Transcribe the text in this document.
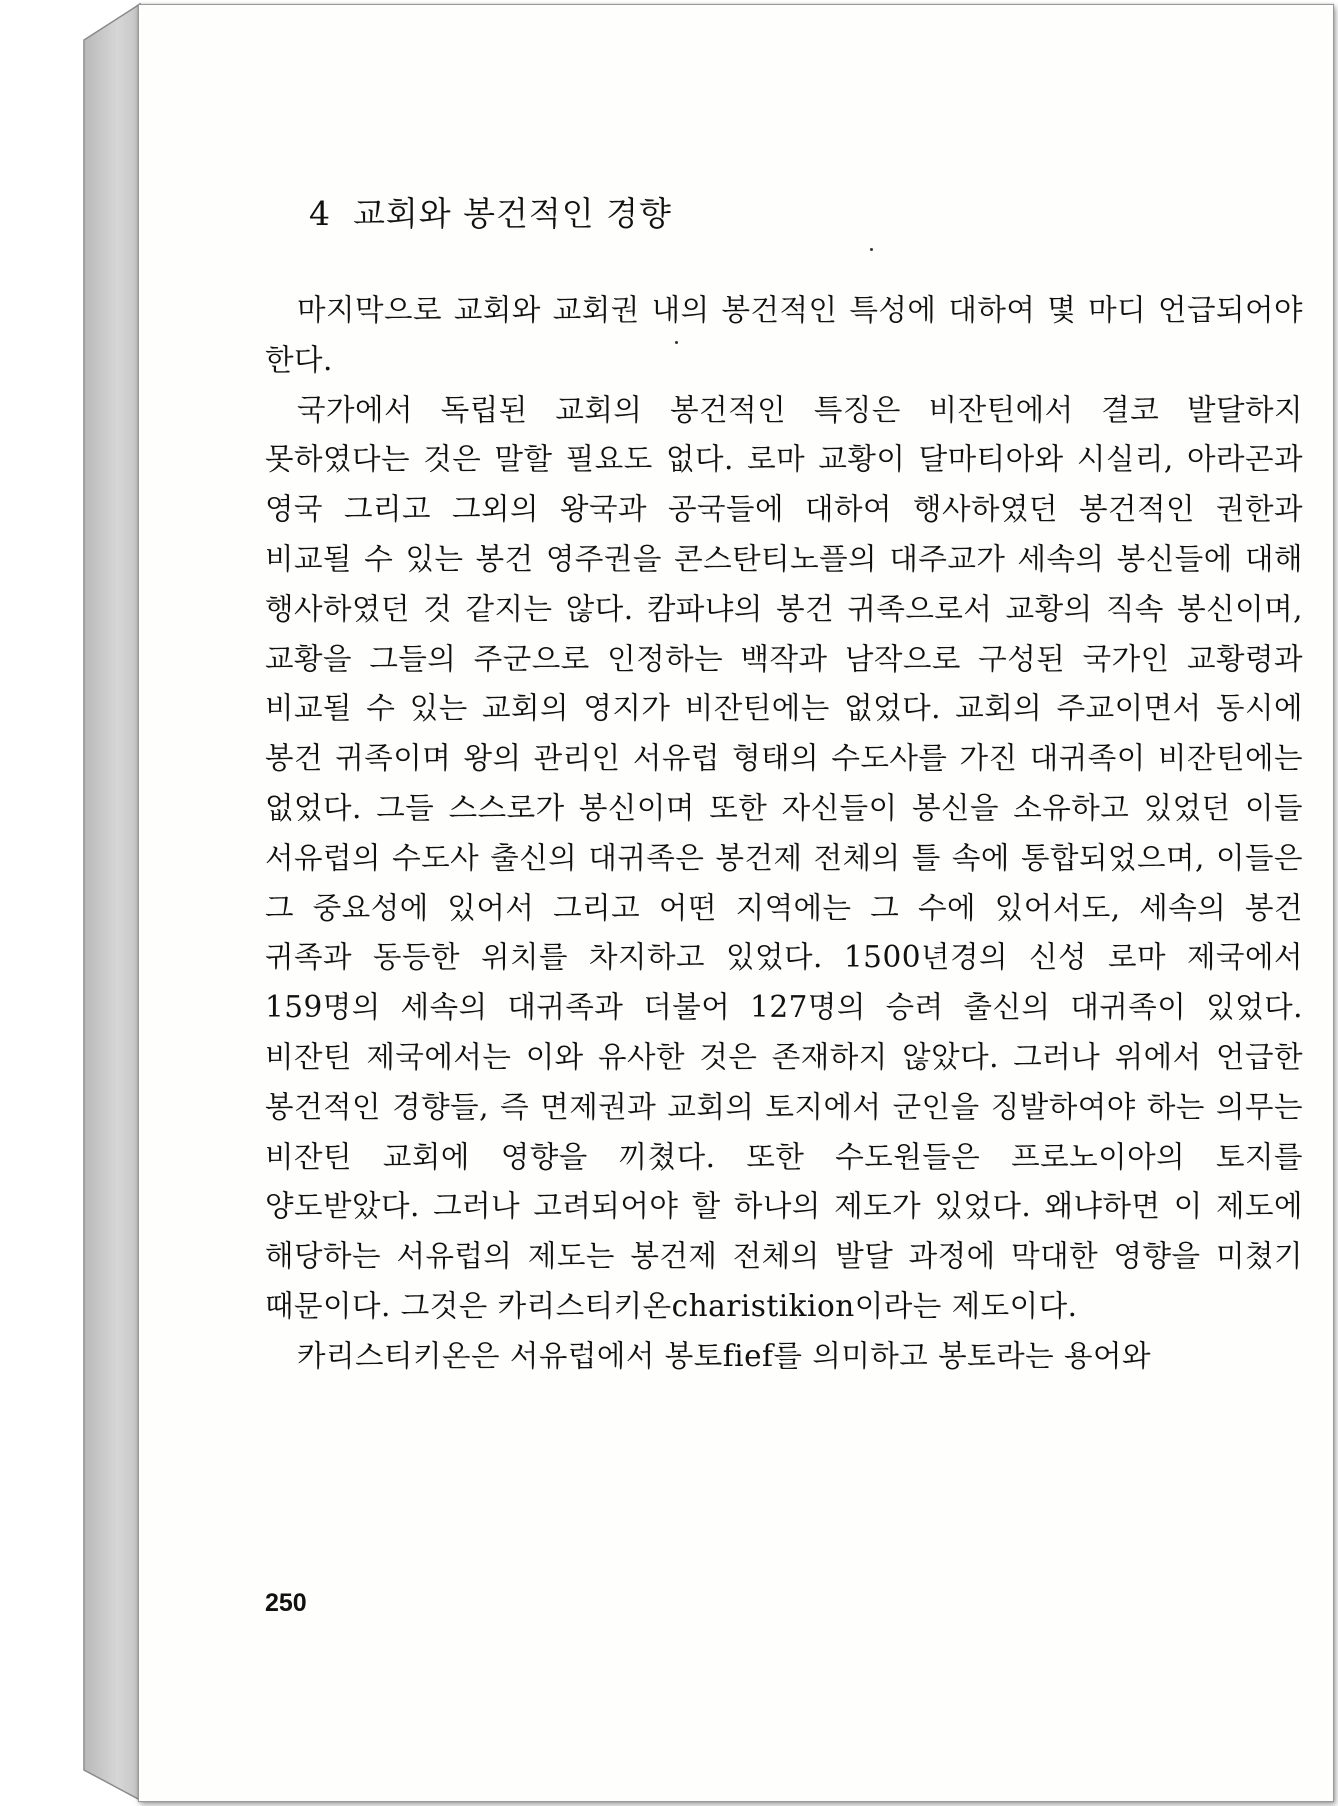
4 교회와 봉건적인 경향

마지막으로 교회와 교회권 내의 봉건적인 특성에 대하여 몇 마디 언급되어야 한다.

국가에서 독립된 교회의 봉건적인 특징은 비잔틴에서 결코 발달하지 못하였다는 것은 말할 필요도 없다. 로마 교황이 달마티아와 시실리, 아라곤과 영국 그리고 그외의 왕국과 공국들에 대하여 행사하였던 봉건적인 권한과 비교될 수 있는 봉건 영주권을 콘스탄티노플의 대주교가 세속의 봉신들에 대해 행사하였던 것 같지는 않다. 캄파냐의 봉건 귀족으로서 교황의 직속 봉신이며, 교황을 그들의 주군으로 인정하는 백작과 남작으로 구성된 국가인 교황령과 비교될 수 있는 교회의 영지가 비잔틴에는 없었다. 교회의 주교이면서 동시에 봉건 귀족이며 왕의 관리인 서유럽 형태의 수도사를 가진 대귀족이 비잔틴에는 없었다. 그들 스스로가 봉신이며 또한 자신들이 봉신을 소유하고 있었던 이들 서유럽의 수도사 출신의 대귀족은 봉건제 전체의 틀 속에 통합되었으며, 이들은 그 중요성에 있어서 그리고 어떤 지역에는 그 수에 있어서도, 세속의 봉건 귀족과 동등한 위치를 차지하고 있었다. 1500년경의 신성 로마 제국에서 159명의 세속의 대귀족과 더불어 127명의 승려 출신의 대귀족이 있었다. 비잔틴 제국에서는 이와 유사한 것은 존재하지 않았다. 그러나 위에서 언급한 봉건적인 경향들, 즉 면제권과 교회의 토지에서 군인을 징발하여야 하는 의무는 비잔틴 교회에 영향을 끼쳤다. 또한 수도원들은 프로노이아의 토지를 양도받았다. 그러나 고려되어야 할 하나의 제도가 있었다. 왜냐하면 이 제도에 해당하는 서유럽의 제도는 봉건제 전체의 발달 과정에 막대한 영향을 미쳤기 때문이다. 그것은 카리스티키온charistikion이라는 제도이다.

카리스티키온은 서유럽에서 봉토fief를 의미하고 봉토라는 용어와

250
